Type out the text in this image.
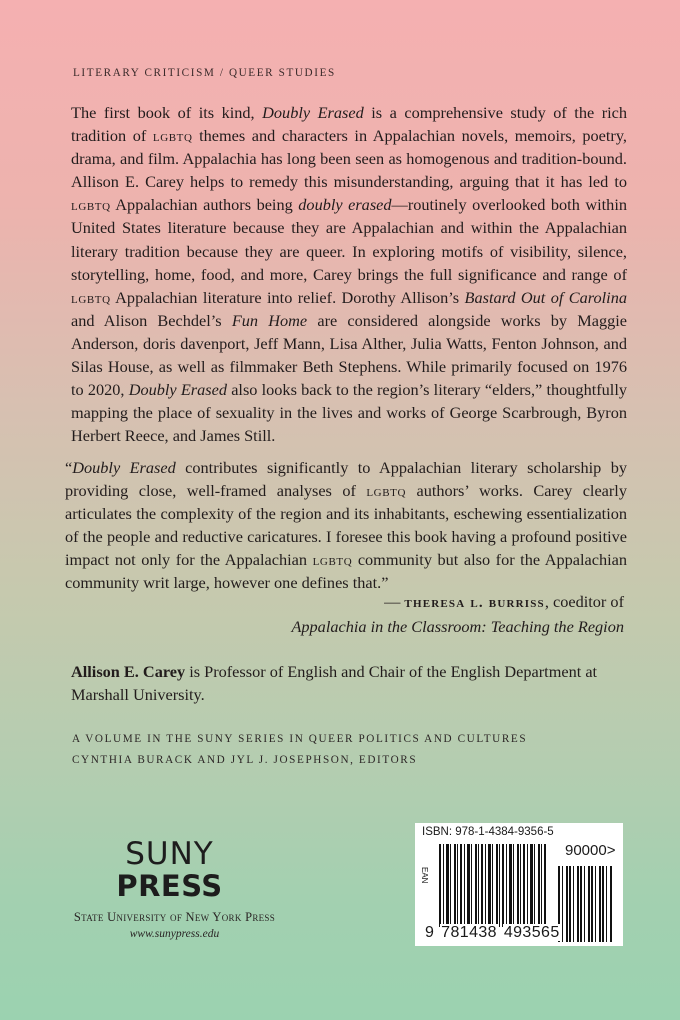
LITERARY CRITICISM / QUEER STUDIES

The first book of its kind, Doubly Erased is a comprehensive study of the rich tradition of lgbtq themes and characters in Appalachian novels, memoirs, poetry, drama, and film. Appalachia has long been seen as homogenous and tradition-bound. Allison E. Carey helps to remedy this misunderstanding, arguing that it has led to lgbtq Appalachian authors being doubly erased—routinely overlooked both within United States literature because they are Appalachian and within the Appalachian literary tradition because they are queer. In exploring motifs of visibility, silence, storytelling, home, food, and more, Carey brings the full significance and range of lgbtq Appalachian literature into relief. Dorothy Allison’s Bastard Out of Carolina and Alison Bechdel’s Fun Home are considered alongside works by Maggie Anderson, doris davenport, Jeff Mann, Lisa Alther, Julia Watts, Fenton Johnson, and Silas House, as well as filmmaker Beth Stephens. While primarily focused on 1976 to 2020, Doubly Erased also looks back to the region’s literary “elders,” thoughtfully mapping the place of sexuality in the lives and works of George Scarbrough, Byron Herbert Reece, and James Still.

“Doubly Erased contributes significantly to Appalachian literary scholarship by providing close, well-framed analyses of lgbtq authors’ works. Carey clearly articulates the complexity of the region and its inhabitants, eschewing essentialization of the people and reductive caricatures. I foresee this book having a profound positive impact not only for the Appalachian lgbtq community but also for the Appalachian community writ large, however one defines that.”

— theresa l. burriss, coeditor of
Appalachia in the Classroom: Teaching the Region

Allison E. Carey is Professor of English and Chair of the English Department at Marshall University.

A VOLUME IN THE SUNY SERIES IN QUEER POLITICS AND CULTURES
CYNTHIA BURACK AND JYL J. JOSEPHSON, EDITORS
SUNY
PRESS
State University of New York Press
www.sunypress.edu
ISBN: 978-1-4384-9356-5
EAN
90000>
9 781438 493565
